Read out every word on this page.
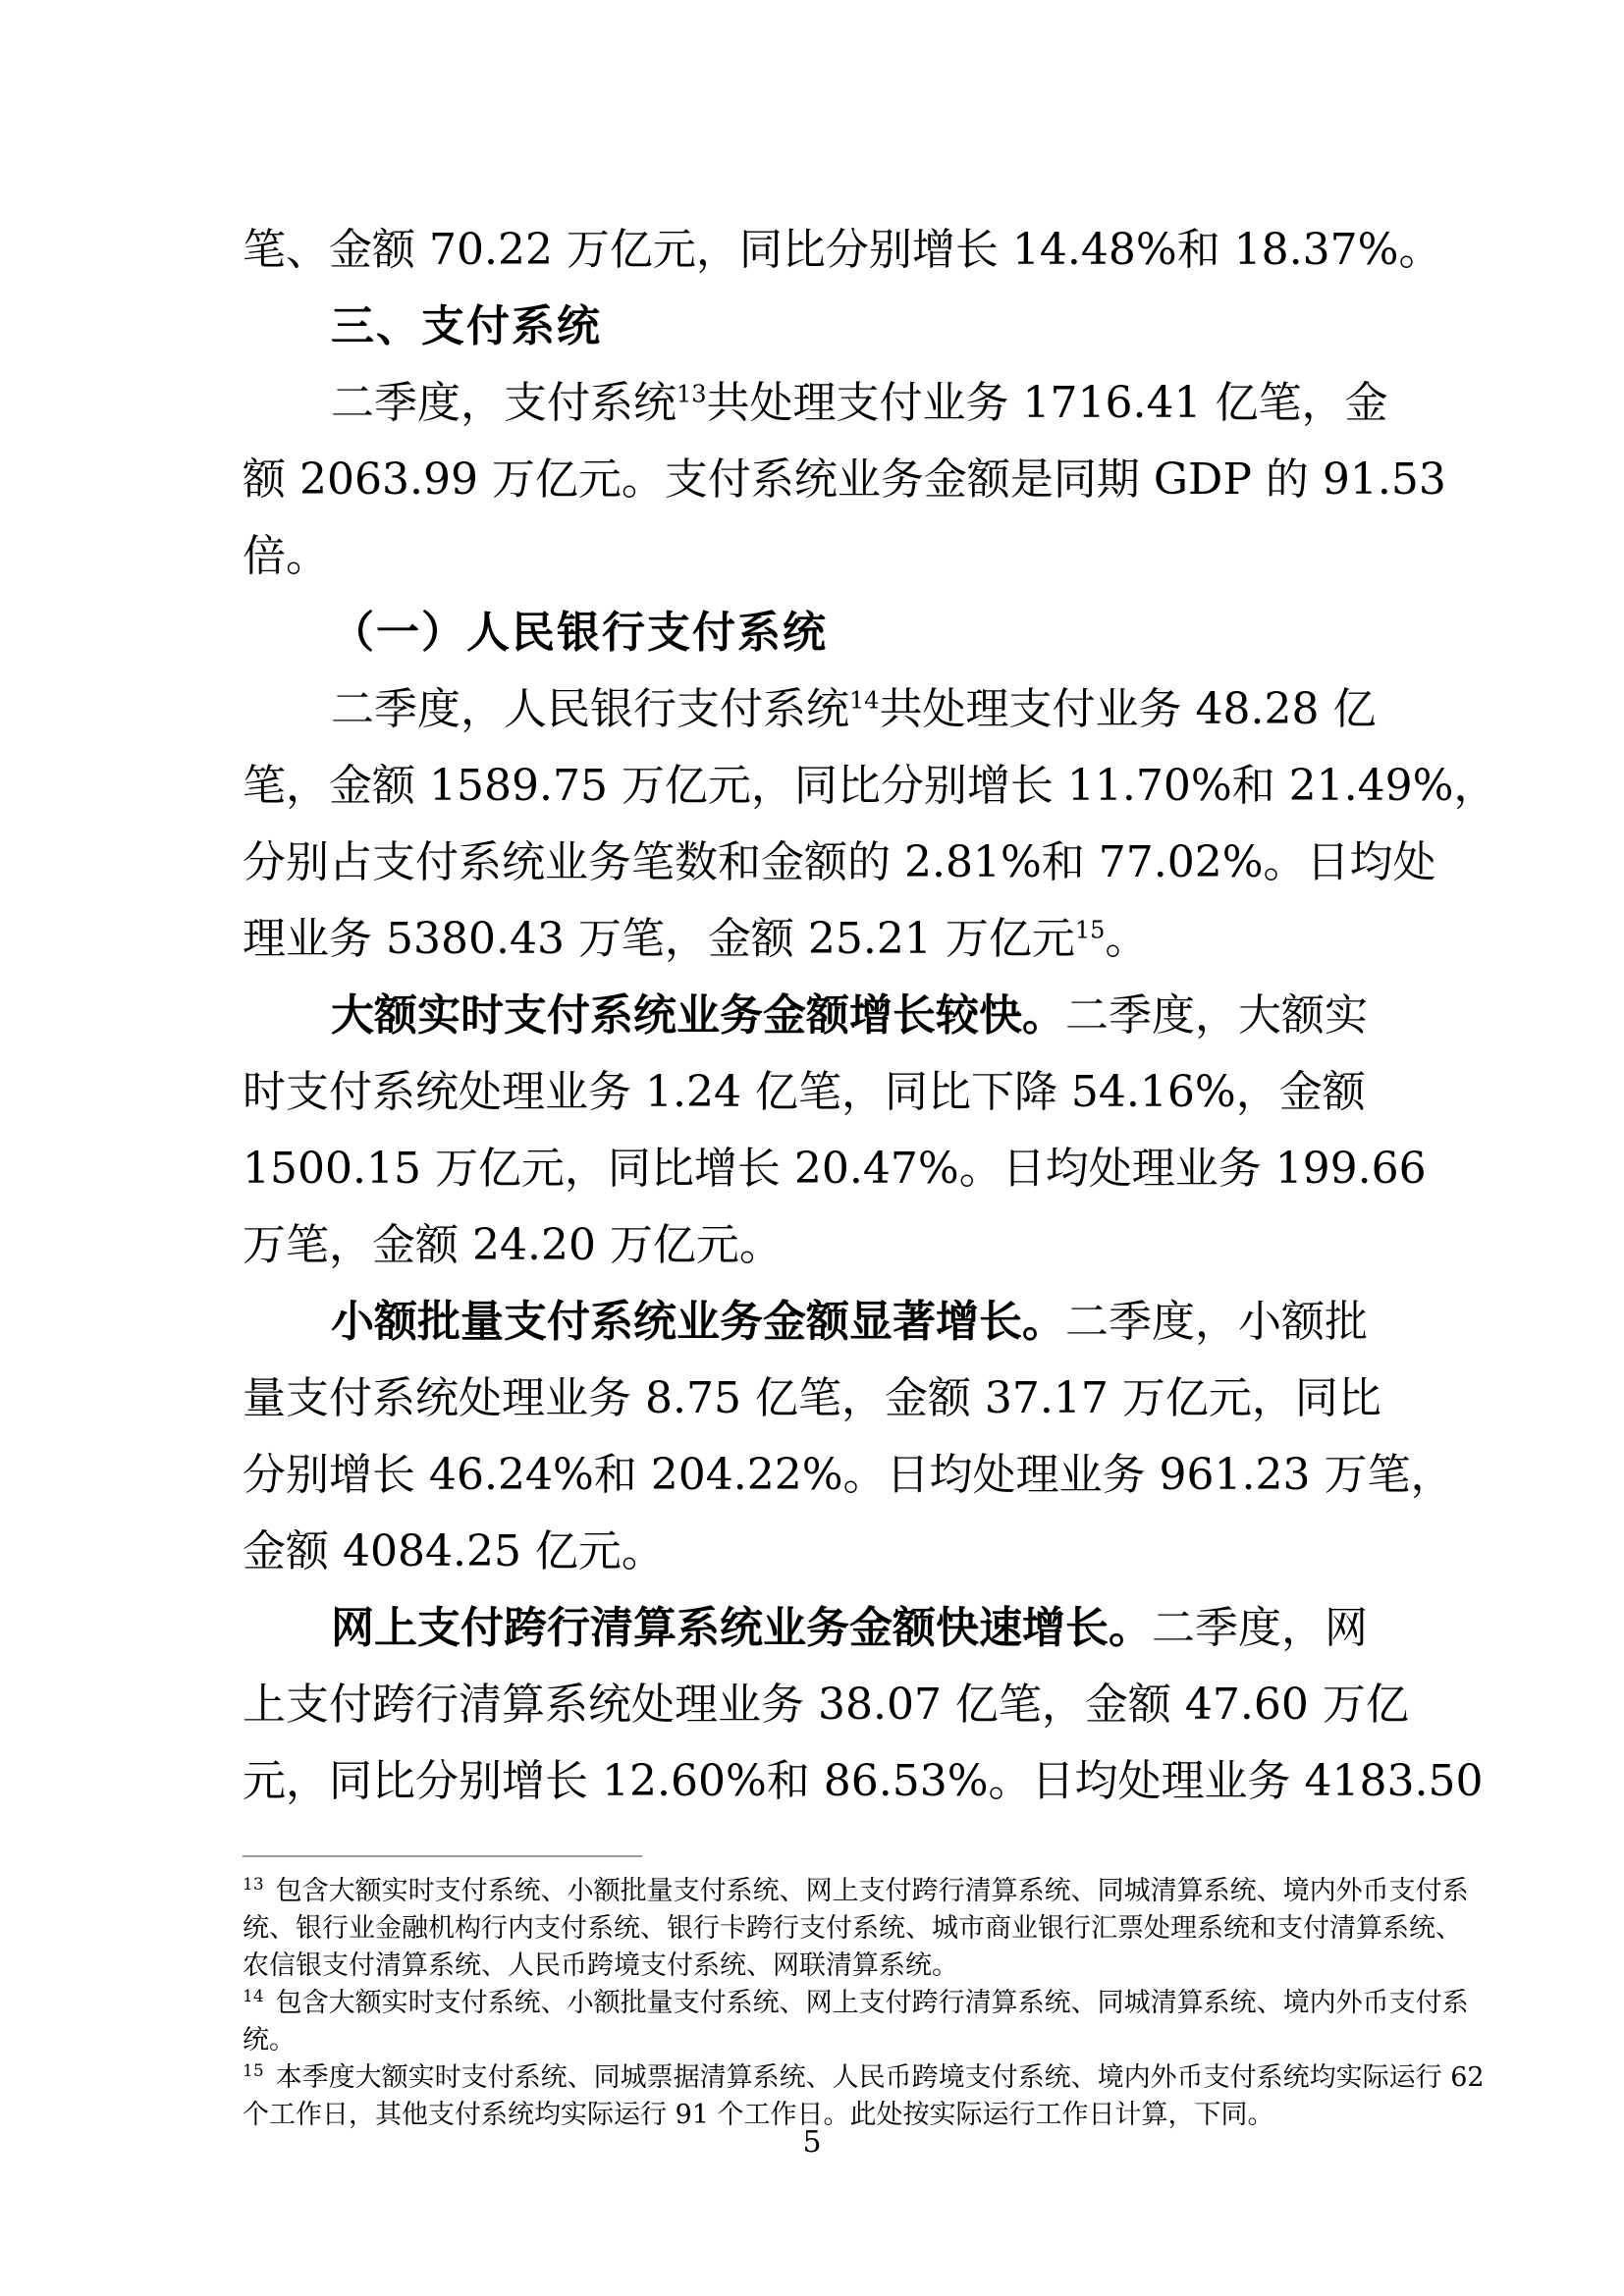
笔、金额 70.22 万亿元，同比分别增长 14.48%和 18.37%。
三、支付系统
二季度，支付系统$^{13}$共处理支付业务 1716.41 亿笔，金
额 2063.99 万亿元。支付系统业务金额是同期 GDP 的 91.53
倍。
（一）人民银行支付系统
二季度，人民银行支付系统$^{14}$共处理支付业务 48.28 亿
笔，金额 1589.75 万亿元，同比分别增长 11.70%和 21.49%，
分别占支付系统业务笔数和金额的 2.81%和 77.02%。日均处
理业务 5380.43 万笔，金额 25.21 万亿元$^{15}$。
大额实时支付系统业务金额增长较快。二季度，大额实
时支付系统处理业务 1.24 亿笔，同比下降 54.16%，金额
1500.15 万亿元，同比增长 20.47%。日均处理业务 199.66
万笔，金额 24.20 万亿元。
小额批量支付系统业务金额显著增长。二季度，小额批
量支付系统处理业务 8.75 亿笔，金额 37.17 万亿元，同比
分别增长 46.24%和 204.22%。日均处理业务 961.23 万笔，
金额 4084.25 亿元。
网上支付跨行清算系统业务金额快速增长。二季度，网
上支付跨行清算系统处理业务 38.07 亿笔，金额 47.60 万亿
元，同比分别增长 12.60%和 86.53%。日均处理业务 4183.50
$^{13}$ 包含大额实时支付系统、小额批量支付系统、网上支付跨行清算系统、同城清算系统、境内外币支付系
统、银行业金融机构行内支付系统、银行卡跨行支付系统、城市商业银行汇票处理系统和支付清算系统、
农信银支付清算系统、人民币跨境支付系统、网联清算系统。
$^{14}$ 包含大额实时支付系统、小额批量支付系统、网上支付跨行清算系统、同城清算系统、境内外币支付系
统。
$^{15}$ 本季度大额实时支付系统、同城票据清算系统、人民币跨境支付系统、境内外币支付系统均实际运行 62
个工作日，其他支付系统均实际运行 91 个工作日。此处按实际运行工作日计算，下同。
5
